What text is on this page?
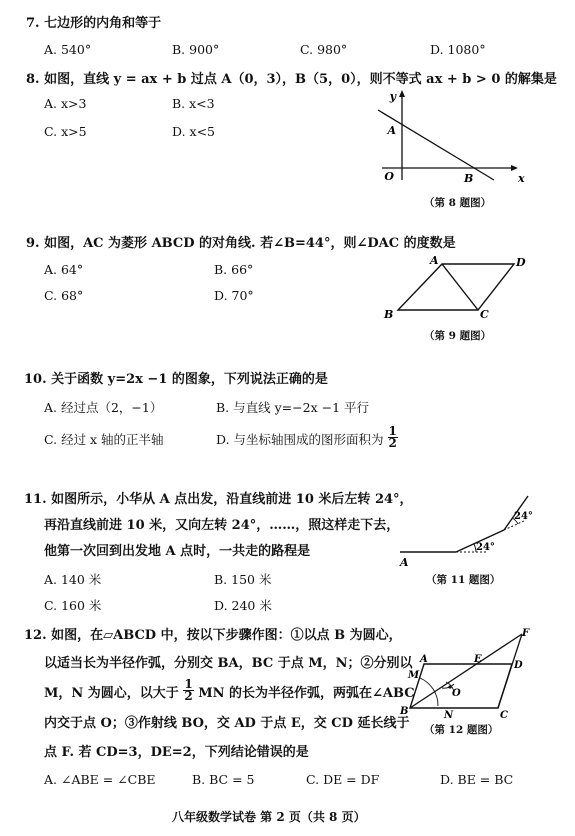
7. 七边形的内角和等于
A. 540°	B. 900°	C. 980°	D. 1080°
8. 如图，直线 y = ax + b 过点 A（0，3），B（5，0），则不等式 ax + b > 0 的解集是
A. x>3	B. x<3
C. x>5	D. x<5
y
x
O
A
B
（第 8 题图）
9. 如图，AC 为菱形 ABCD 的对角线. 若∠B=44°，则∠DAC 的度数是
A. 64°	B. 66°
C. 68°	D. 70°
A	D
B	C
（第 9 题图）
10. 关于函数 y=2x −1 的图象，下列说法正确的是
A. 经过点（2，−1）	B. 与直线 y=−2x −1 平行
C. 经过 x 轴的正半轴	D. 与坐标轴围成的图形面积为 $\frac{1}{2}$
11. 如图所示，小华从 A 点出发，沿直线前进 10 米后左转 24°，
再沿直线前进 10 米，又向左转 24°，……，照这样走下去，
他第一次回到出发地 A 点时，一共走的路程是
A. 140 米	B. 150 米
C. 160 米	D. 240 米
24°
24°
A
（第 11 题图）
12. 如图，在▱ABCD 中，按以下步骤作图：①以点 B 为圆心，
以适当长为半径作弧，分别交 BA，BC 于点 M，N；②分别以
M，N 为圆心，以大于 $\frac{1}{2}$ MN 的长为半径作弧，两弧在∠ABC
内交于点 O；③作射线 BO，交 AD 于点 E，交 CD 延长线于
点 F. 若 CD=3，DE=2，下列结论错误的是
A. ∠ABE = ∠CBE	B. BC = 5	C. DE = DF	D. BE = BC
A	E
D
F
M
O
B	N	C
（第 12 题图）
八年级数学试卷 第 2 页（共 8 页）
